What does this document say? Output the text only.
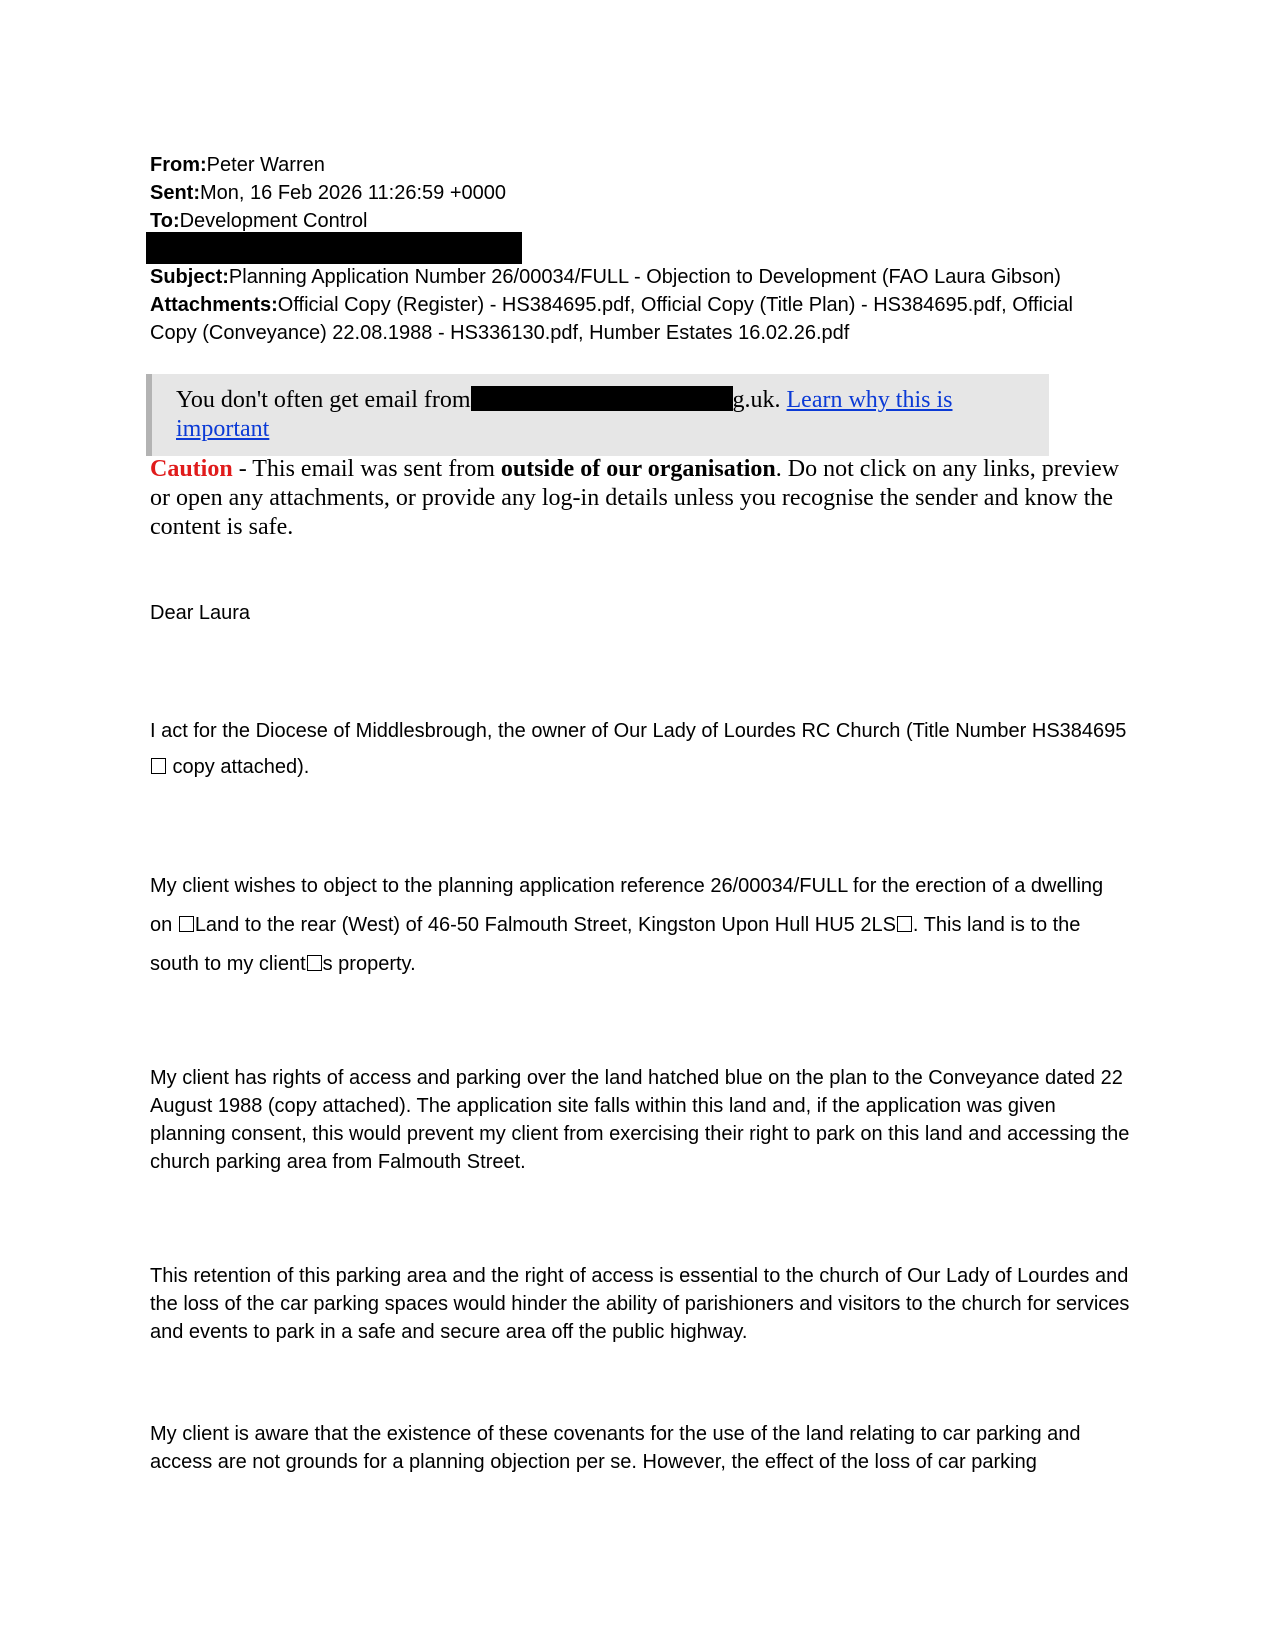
From:Peter Warren
Sent:Mon, 16 Feb 2026 11:26:59 +0000
To:Development Control
Subject:Planning Application Number 26/00034/FULL - Objection to Development (FAO Laura Gibson)
Attachments:Official Copy (Register) - HS384695.pdf, Official Copy (Title Plan) - HS384695.pdf, Official Copy (Conveyance) 22.08.1988 - HS336130.pdf, Humber Estates 16.02.26.pdf
You don't often get email from	g.uk. Learn why this is important
Caution - This email was sent from outside of our organisation. Do not click on any links, preview or open any attachments, or provide any log-in details unless you recognise the sender and know the content is safe.
Dear Laura
I act for the Diocese of Middlesbrough, the owner of Our Lady of Lourdes RC Church (Title Number HS384695  copy attached).
My client wishes to object to the planning application reference 26/00034/FULL for the erection of a dwelling on Land to the rear (West) of 46-50 Falmouth Street, Kingston Upon Hull HU5 2LS . This land is to the south to my client s property.
My client has rights of access and parking over the land hatched blue on the plan to the Conveyance dated 22 August 1988 (copy attached). The application site falls within this land and, if the application was given planning consent, this would prevent my client from exercising their right to park on this land and accessing the church parking area from Falmouth Street.
This retention of this parking area and the right of access is essential to the church of Our Lady of Lourdes and the loss of the car parking spaces would hinder the ability of parishioners and visitors to the church for services and events to park in a safe and secure area off the public highway.
My client is aware that the existence of these covenants for the use of the land relating to car parking and access are not grounds for a planning objection per se. However, the effect of the loss of car parking
